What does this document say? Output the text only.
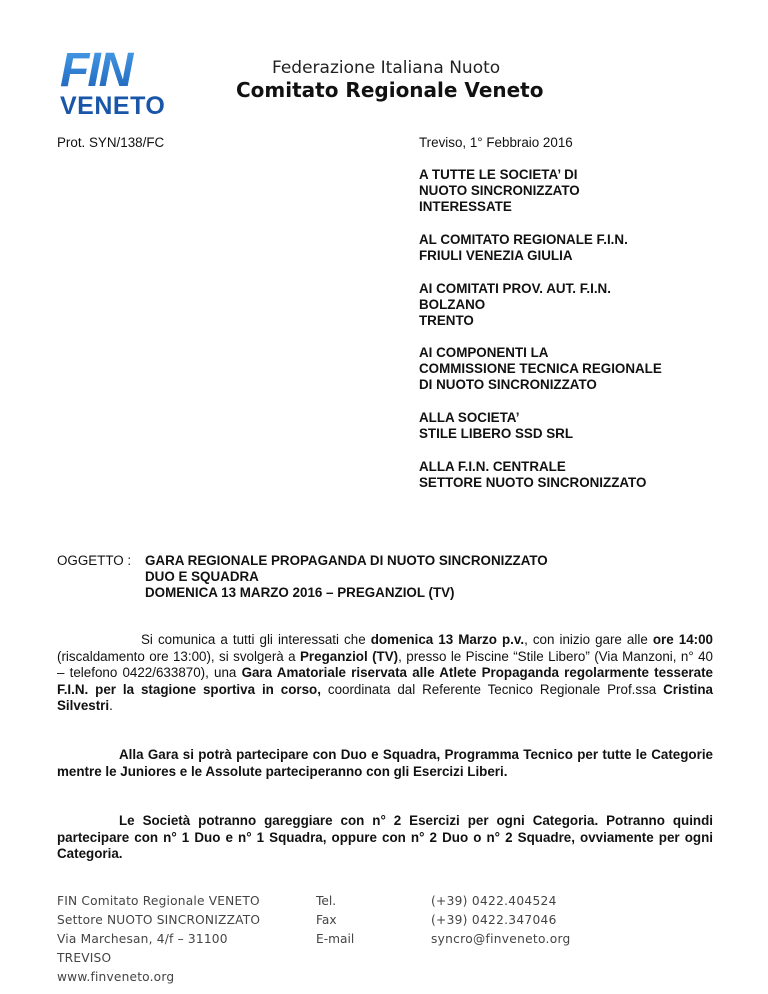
FIN
VENETO
Federazione Italiana Nuoto
Comitato Regionale Veneto
Prot. SYN/138/FC	Treviso, 1° Febbraio 2016
A TUTTE LE SOCIETA’ DI
NUOTO SINCRONIZZATO
INTERESSATE
AL COMITATO REGIONALE F.I.N.
FRIULI VENEZIA GIULIA
AI COMITATI PROV. AUT. F.I.N.
BOLZANO
TRENTO
AI COMPONENTI LA
COMMISSIONE TECNICA REGIONALE
DI NUOTO SINCRONIZZATO
ALLA SOCIETA’
STILE LIBERO SSD SRL
ALLA F.I.N. CENTRALE
SETTORE NUOTO SINCRONIZZATO
OGGETTO :GARA REGIONALE PROPAGANDA DI NUOTO SINCRONIZZATO
DUO E SQUADRA
DOMENICA 13 MARZO 2016 – PREGANZIOL (TV)
Si comunica a tutti gli interessati che domenica 13 Marzo p.v., con inizio gare alle ore 14:00 (riscaldamento ore 13:00), si svolgerà a Preganziol (TV), presso le Piscine “Stile Libero” (Via Manzoni, n° 40 – telefono 0422/633870), una Gara Amatoriale riservata alle Atlete Propaganda regolarmente tesserate F.I.N. per la stagione sportiva in corso, coordinata dal Referente Tecnico Regionale Prof.ssa Cristina Silvestri.
Alla Gara si potrà partecipare con Duo e Squadra, Programma Tecnico per tutte le Categorie mentre le Juniores e le Assolute parteciperanno con gli Esercizi Liberi.
Le Società potranno gareggiare con n° 2 Esercizi per ogni Categoria. Potranno quindi partecipare con n° 1 Duo e n° 1 Squadra, oppure con n° 2 Duo o n° 2 Squadre, ovviamente per ogni Categoria.
FIN Comitato Regionale VENETO
Settore NUOTO SINCRONIZZATO
Via Marchesan, 4/f – 31100
TREVISO
www.finveneto.org
Tel.
Fax
E-mail
(+39) 0422.404524
(+39) 0422.347046
syncro@finveneto.org
